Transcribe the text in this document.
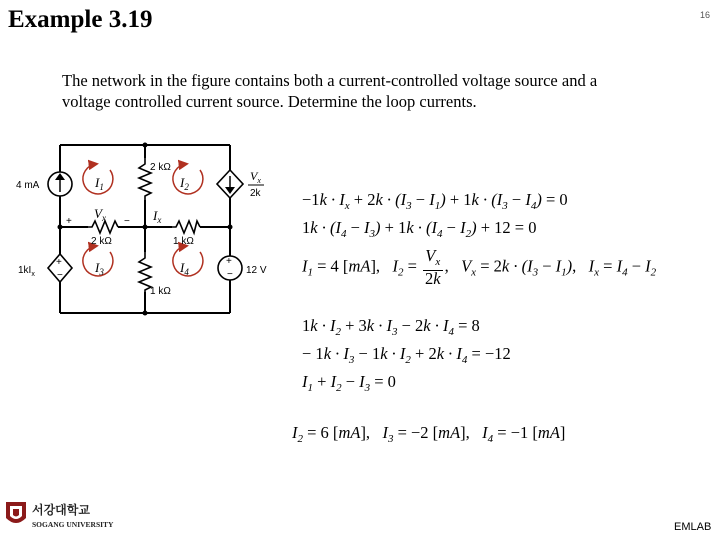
Example 3.19	16
The network in the figure contains both a current-controlled voltage source and a
voltage controlled current source. Determine the loop currents.
+
−
+
−
4 mA
2 kΩ
2 kΩ	1 kΩ
1 kΩ
12 V
$1kI_x$
+	−
$I_1$	$I_2$
$I_3$	$I_4$
$V_x$	$I_x$
$V_x$
2k	$-1k \cdot I_x + 2k \cdot (I_3 - I_1) + 1k \cdot (I_3 - I_4) = 0$
$1k \cdot (I_4 - I_3) + 1k \cdot (I_4 - I_2) + 12 = 0$
$I_1 = 4$ [mA],   $I_2 = \frac{V_x}{2k}$ ,   $V_x = 2k \cdot (I_3 - I_1)$,   $I_x = I_4 - I_2$
$1k \cdot I_2 + 3k \cdot I_3 - 2k \cdot I_4 = 8$
− $1k \cdot I_3 - 1k \cdot I_2 + 2k \cdot I_4 = -12$
$I_1 + I_2 - I_3 = 0$
$I_2 = 6$ [mA],   $I_3 = -2$ [mA],   $I_4 = -1$ [mA]
서강대학교
SOGANG UNIVERSITY	EMLAB
